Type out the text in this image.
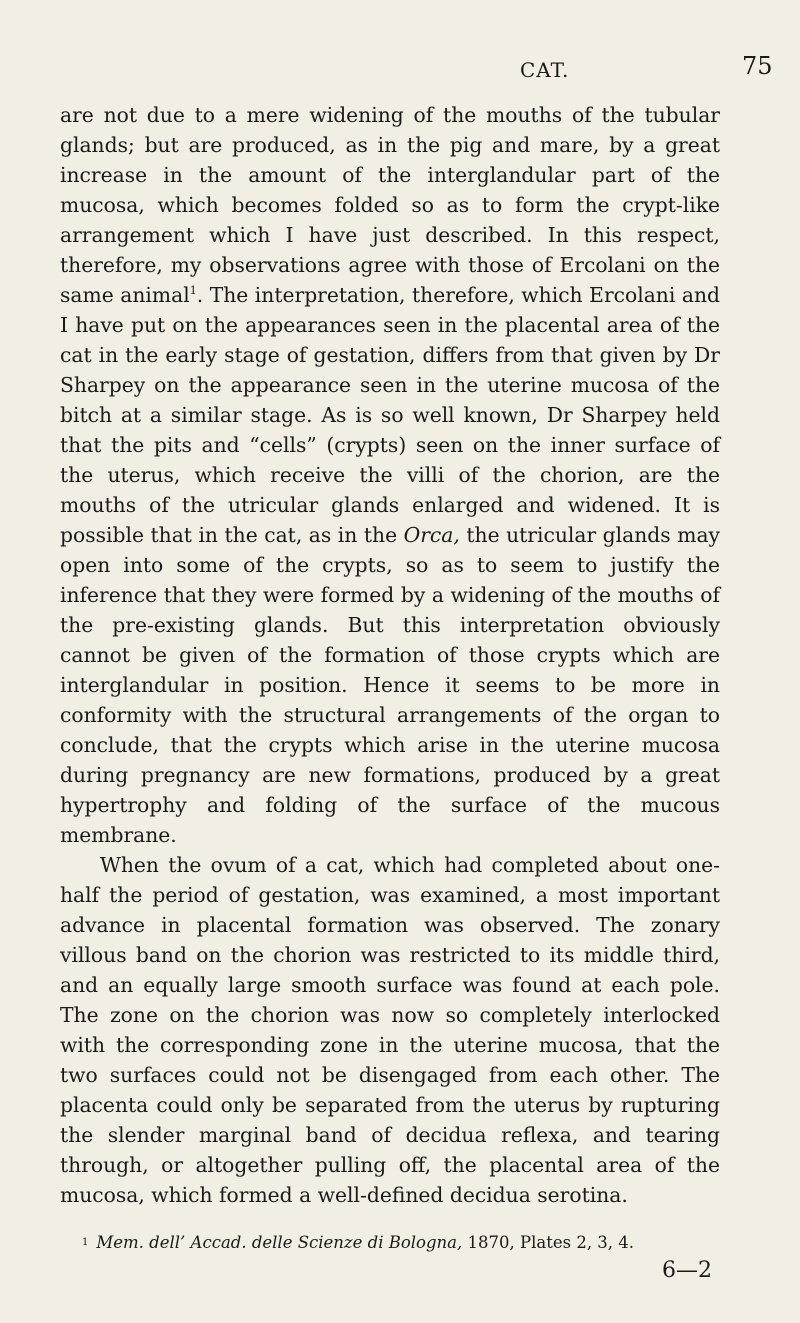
CAT.	75

are not due to a mere widening of the mouths of the tubular glands; but are produced, as in the pig and mare, by a great increase in the amount of the interglandular part of the mucosa, which becomes folded so as to form the crypt-like arrangement which I have just described. In this respect, therefore, my observations agree with those of Ercolani on the same animal$^1$. The interpretation, therefore, which Ercolani and I have put on the appearances seen in the placental area of the cat in the early stage of gestation, differs from that given by Dr Sharpey on the appearance seen in the uterine mucosa of the bitch at a similar stage. As is so well known, Dr Sharpey held that the pits and “cells” (crypts) seen on the inner surface of the uterus, which receive the villi of the chorion, are the mouths of the utricular glands enlarged and widened. It is possible that in the cat, as in the Orca, the utricular glands may open into some of the crypts, so as to seem to justify the inference that they were formed by a widening of the mouths of the pre-existing glands. But this interpretation obviously cannot be given of the formation of those crypts which are interglandular in position. Hence it seems to be more in conformity with the structural arrangements of the organ to conclude, that the crypts which arise in the uterine mucosa during pregnancy are new formations, produced by a great hypertrophy and folding of the surface of the mucous membrane.

When the ovum of a cat, which had completed about one-half the period of gestation, was examined, a most important advance in placental formation was observed. The zonary villous band on the chorion was restricted to its middle third, and an equally large smooth surface was found at each pole. The zone on the chorion was now so completely interlocked with the corresponding zone in the uterine mucosa, that the two surfaces could not be disengaged from each other. The placenta could only be separated from the uterus by rupturing the slender marginal band of decidua reflexa, and tearing through, or altogether pulling off, the placental area of the mucosa, which formed a well-defined decidua serotina.

$^1$ Mem. dell’ Accad. delle Scienze di Bologna, 1870, Plates 2, 3, 4.
6—2
